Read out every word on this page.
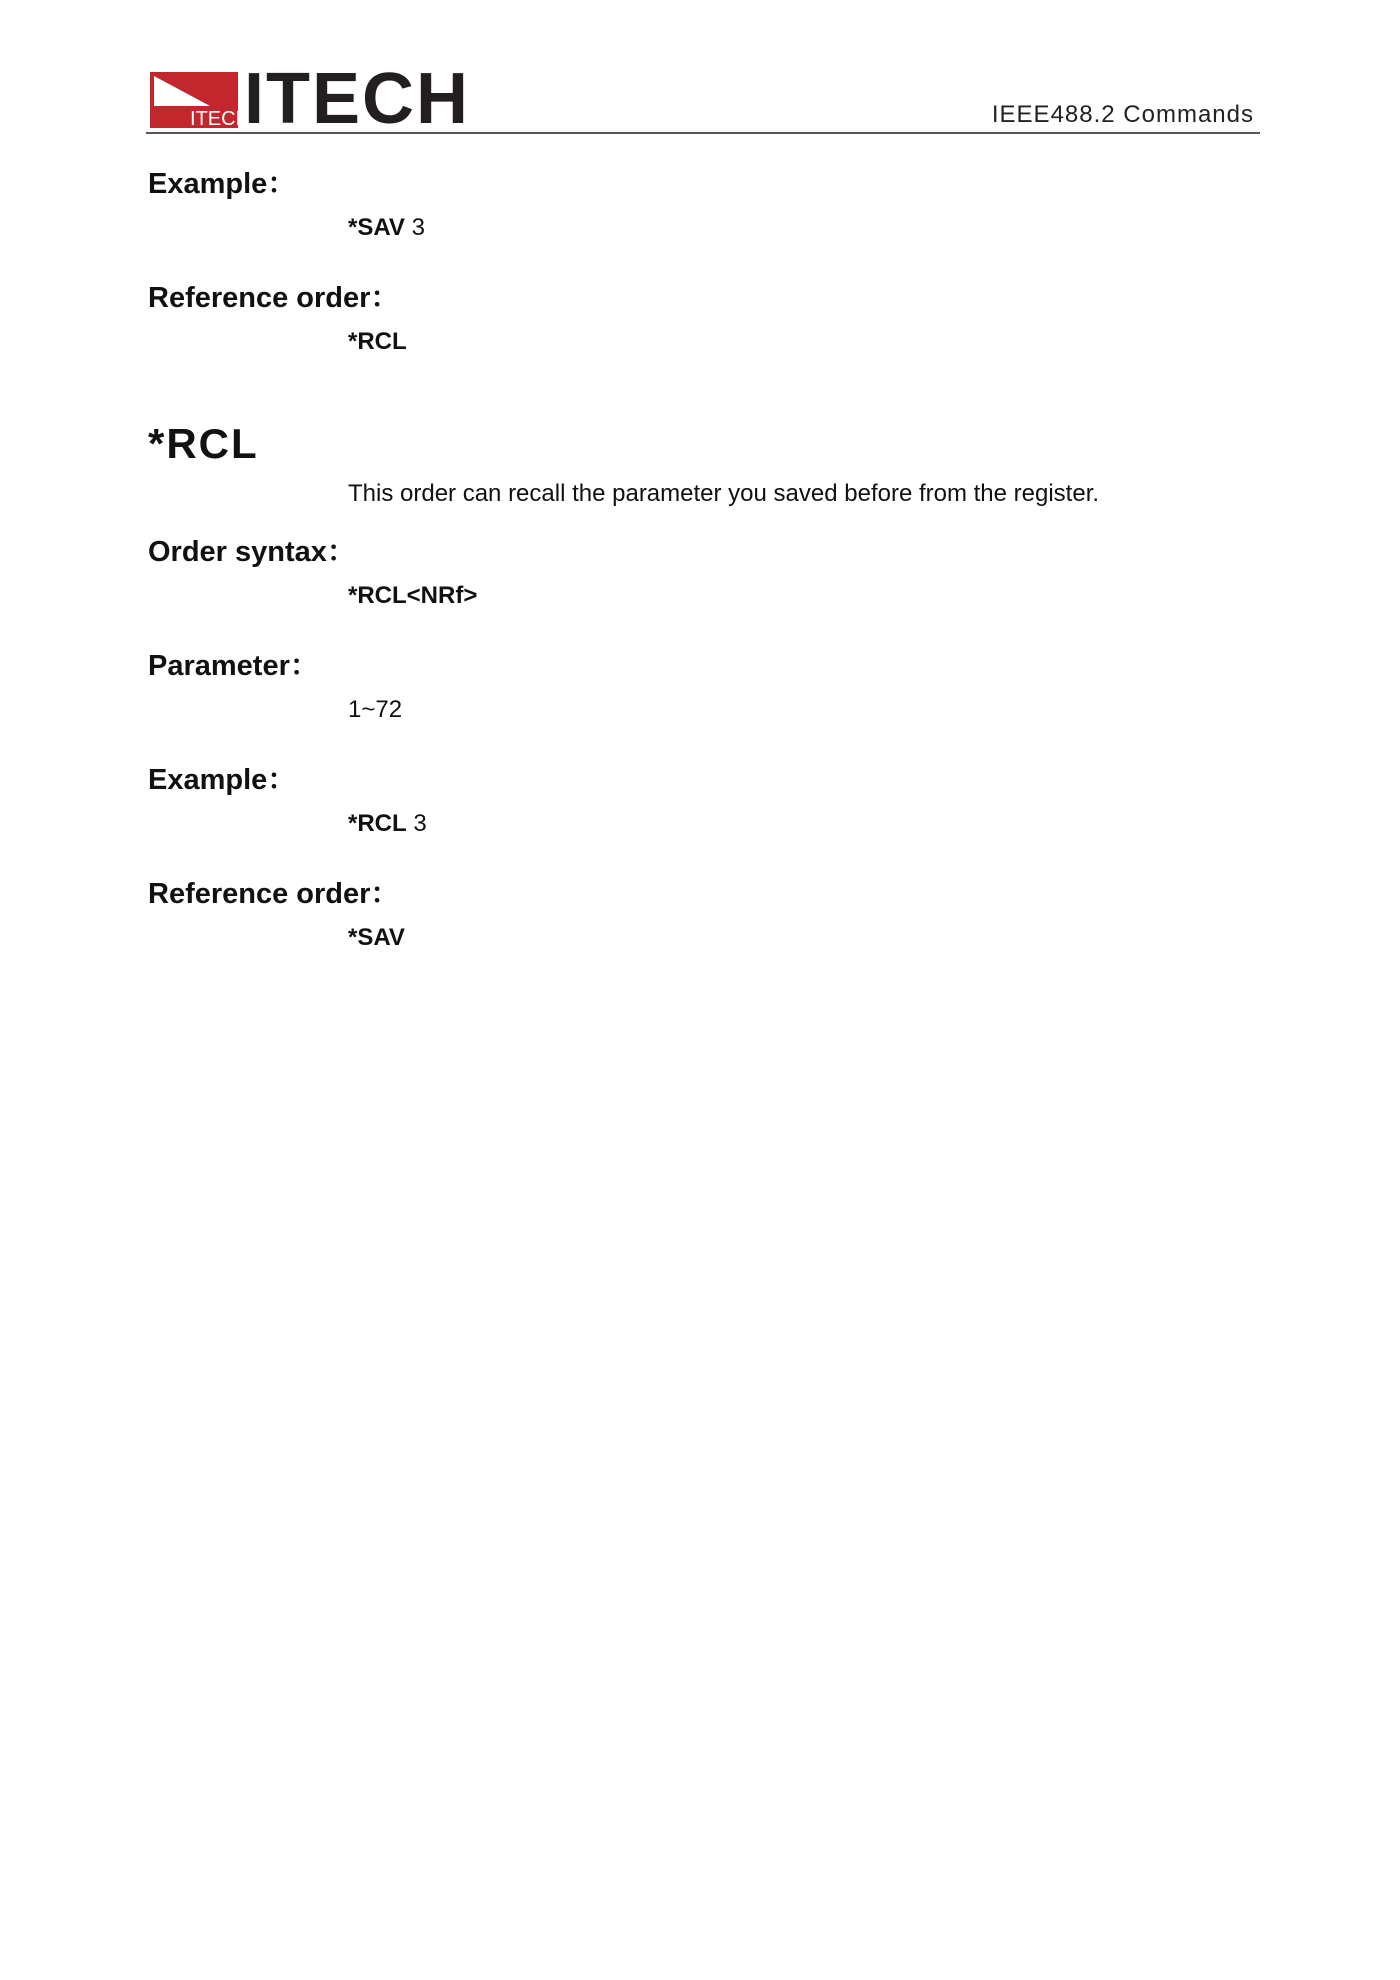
ITECH
ITECH	IEEE488.2 Commands

Example：

*SAV 3

Reference order：

*RCL

*RCL

This order can recall the parameter you saved before from the register.

Order syntax：

*RCL<NRf>

Parameter：

1~72

Example：

*RCL 3

Reference order：

*SAV
